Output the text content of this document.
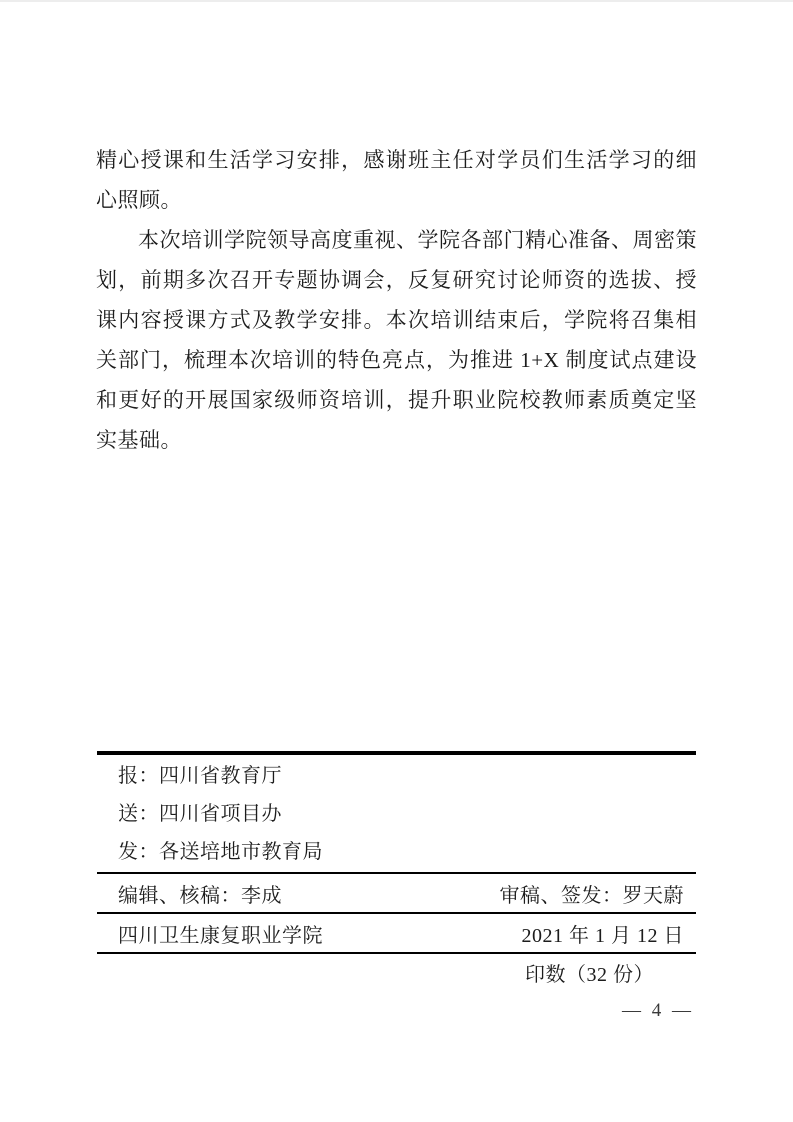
精心授课和生活学习安排，感谢班主任对学员们生活学习的细心照顾。

本次培训学院领导高度重视、学院各部门精心准备、周密策划，前期多次召开专题协调会，反复研究讨论师资的选拔、授课内容授课方式及教学安排。本次培训结束后，学院将召集相关部门，梳理本次培训的特色亮点，为推进 1+X 制度试点建设和更好的开展国家级师资培训，提升职业院校教师素质奠定坚实基础。

报：四川省教育厅
送：四川省项目办
发：各送培地市教育局
编辑、核稿：李成	审稿、签发：罗天蔚
四川卫生康复职业学院	2021 年 1 月 12 日
印数（32 份）
— 4 —
